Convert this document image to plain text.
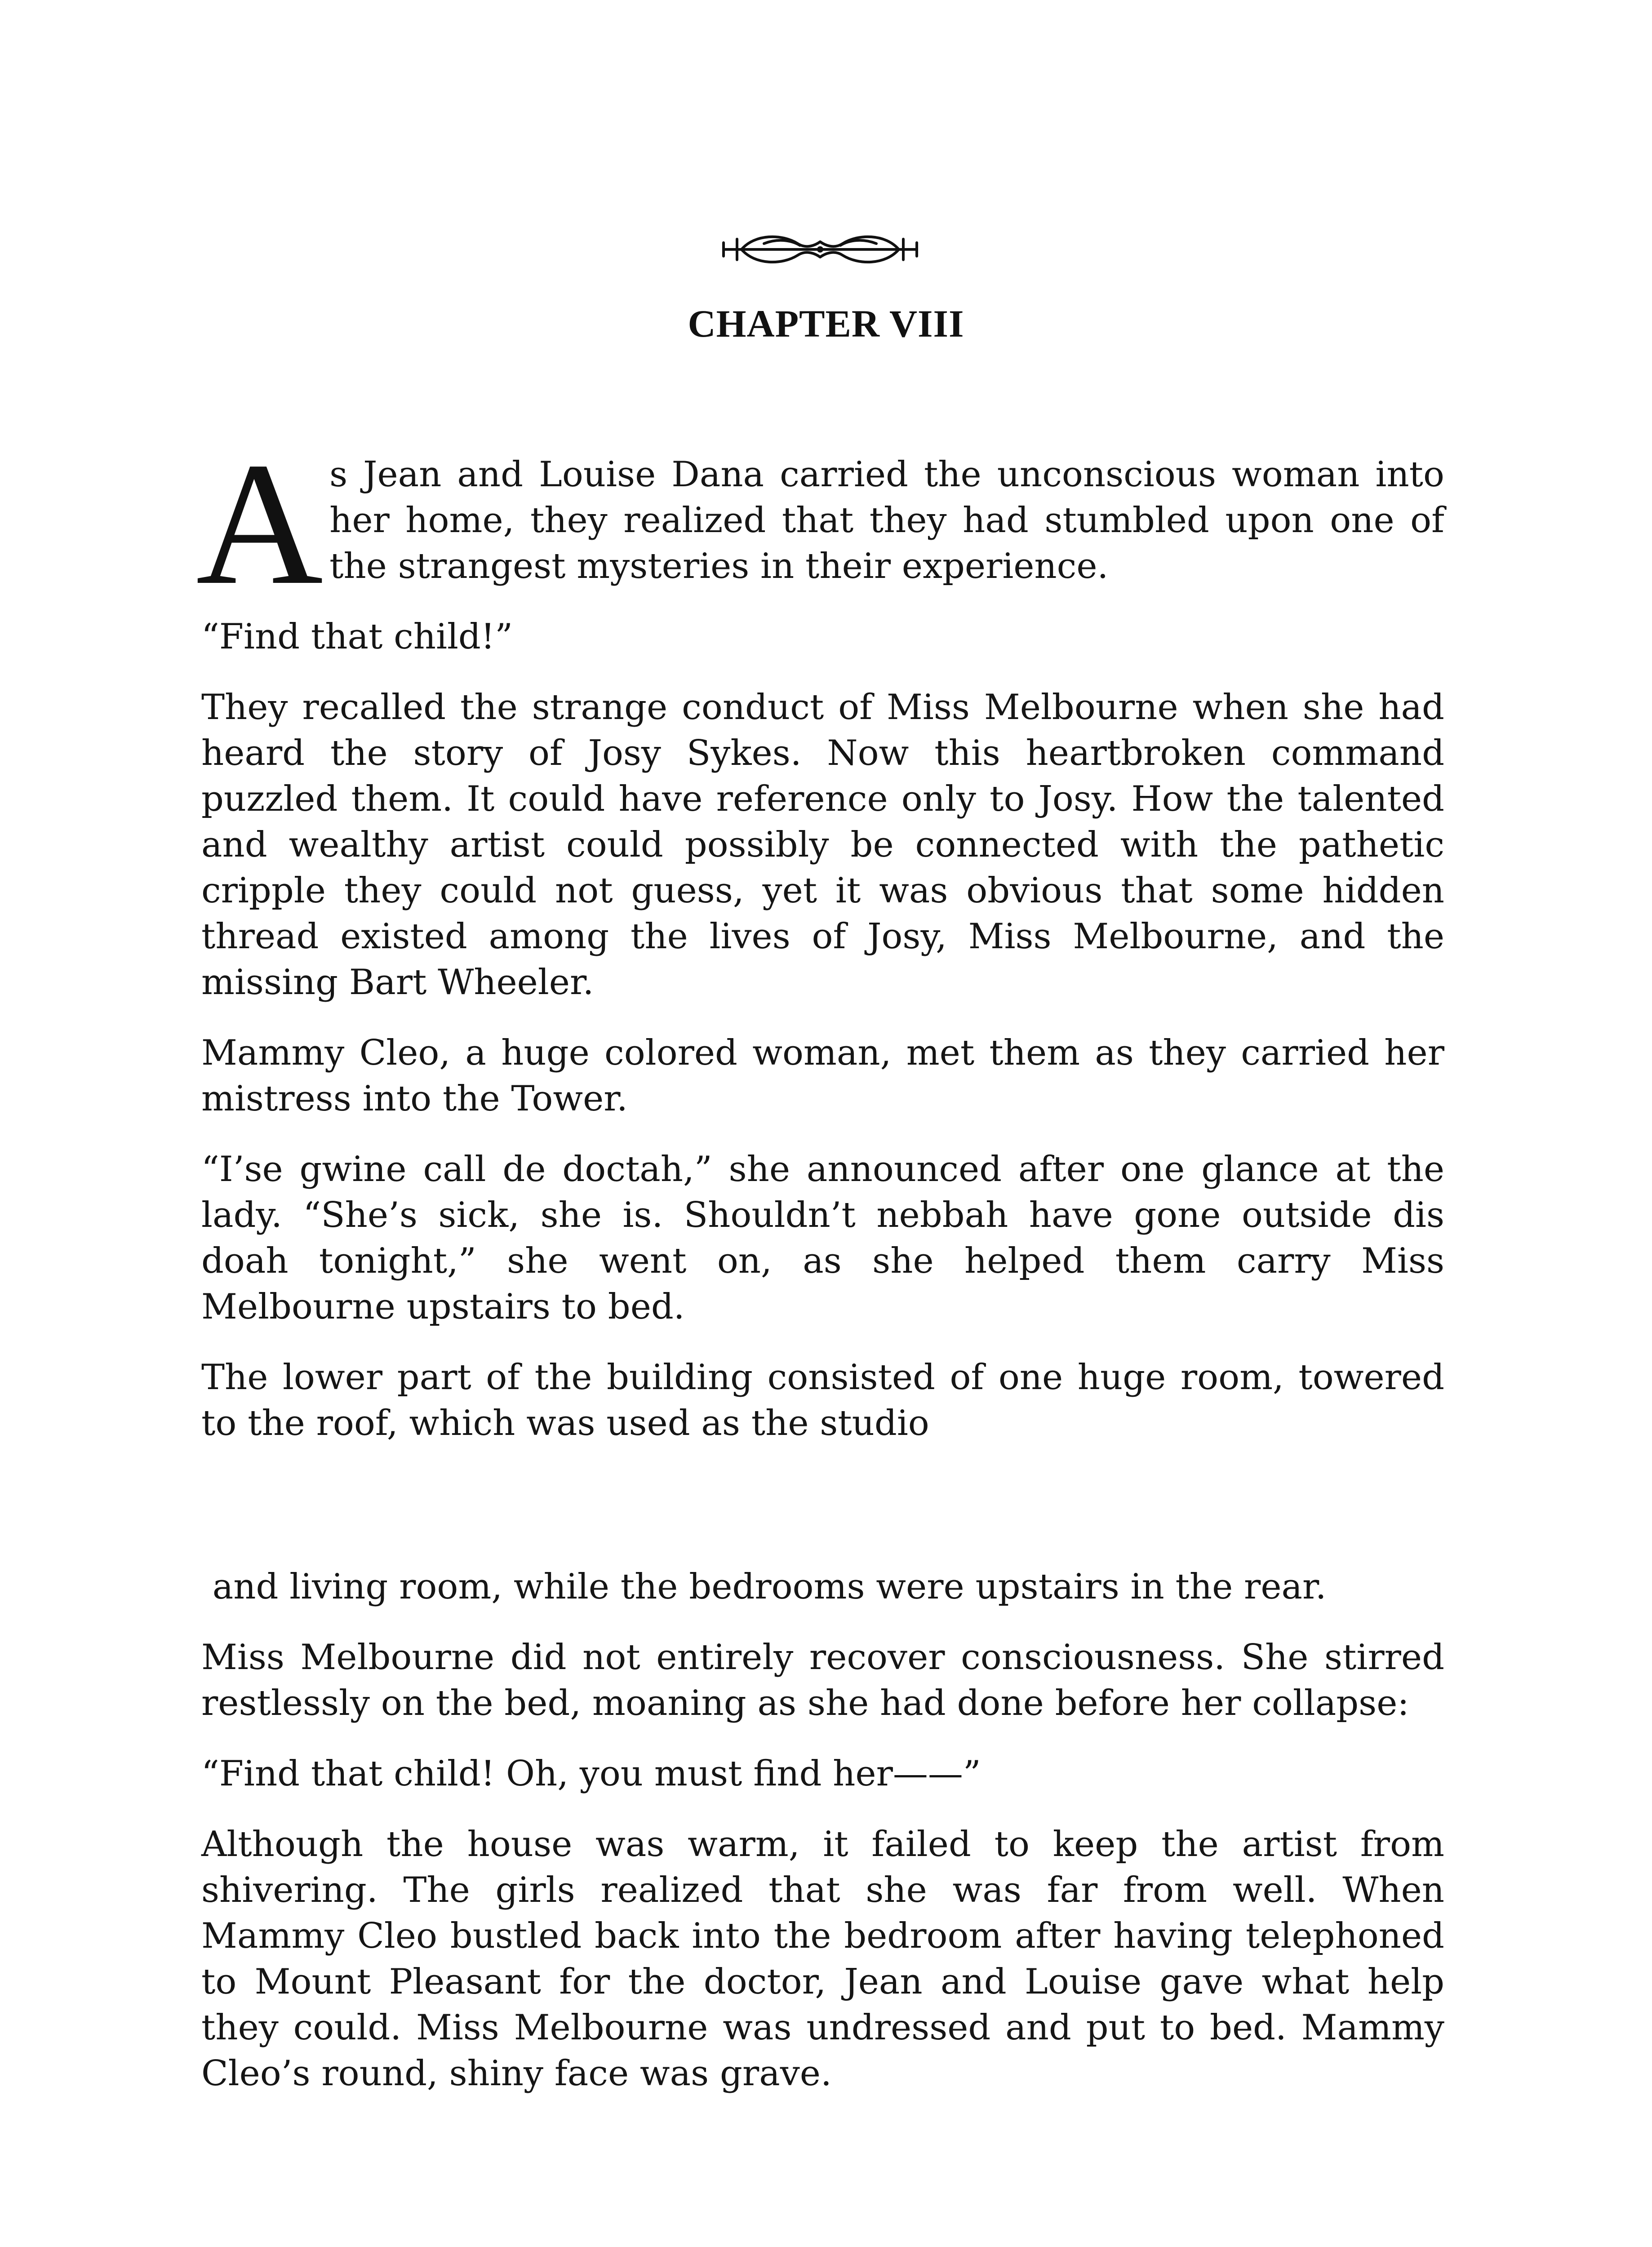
CHAPTER VIII
A s Jean and Louise Dana carried the unconscious woman into her home, they realized that they had stumbled upon one of the strangest mysteries in their experience.
“Find that child!”
They recalled the strange conduct of Miss Melbourne when she had heard the story of Josy Sykes. Now this heartbroken command puzzled them. It could have reference only to Josy. How the talented and wealthy artist could possibly be connected with the pathetic cripple they could not guess, yet it was obvious that some hidden thread existed among the lives of Josy, Miss Melbourne, and the missing Bart Wheeler.
Mammy Cleo, a huge colored woman, met them as they carried her mistress into the Tower.
“I’se gwine call de doctah,” she announced after one glance at the lady. “She’s sick, she is. Shouldn’t nebbah have gone outside dis doah tonight,” she went on, as she helped them carry Miss Melbourne upstairs to bed.
The lower part of the building consisted of one huge room, towered to the roof, which was used as the studio
and living room, while the bedrooms were upstairs in the rear.
Miss Melbourne did not entirely recover consciousness. She stirred restlessly on the bed, moaning as she had done before her collapse:
“Find that child! Oh, you must find her——”
Although the house was warm, it failed to keep the artist from shivering. The girls realized that she was far from well. When Mammy Cleo bustled back into the bedroom after having telephoned to Mount Pleasant for the doctor, Jean and Louise gave what help they could. Miss Melbourne was undressed and put to bed. Mammy Cleo’s round, shiny face was grave.
